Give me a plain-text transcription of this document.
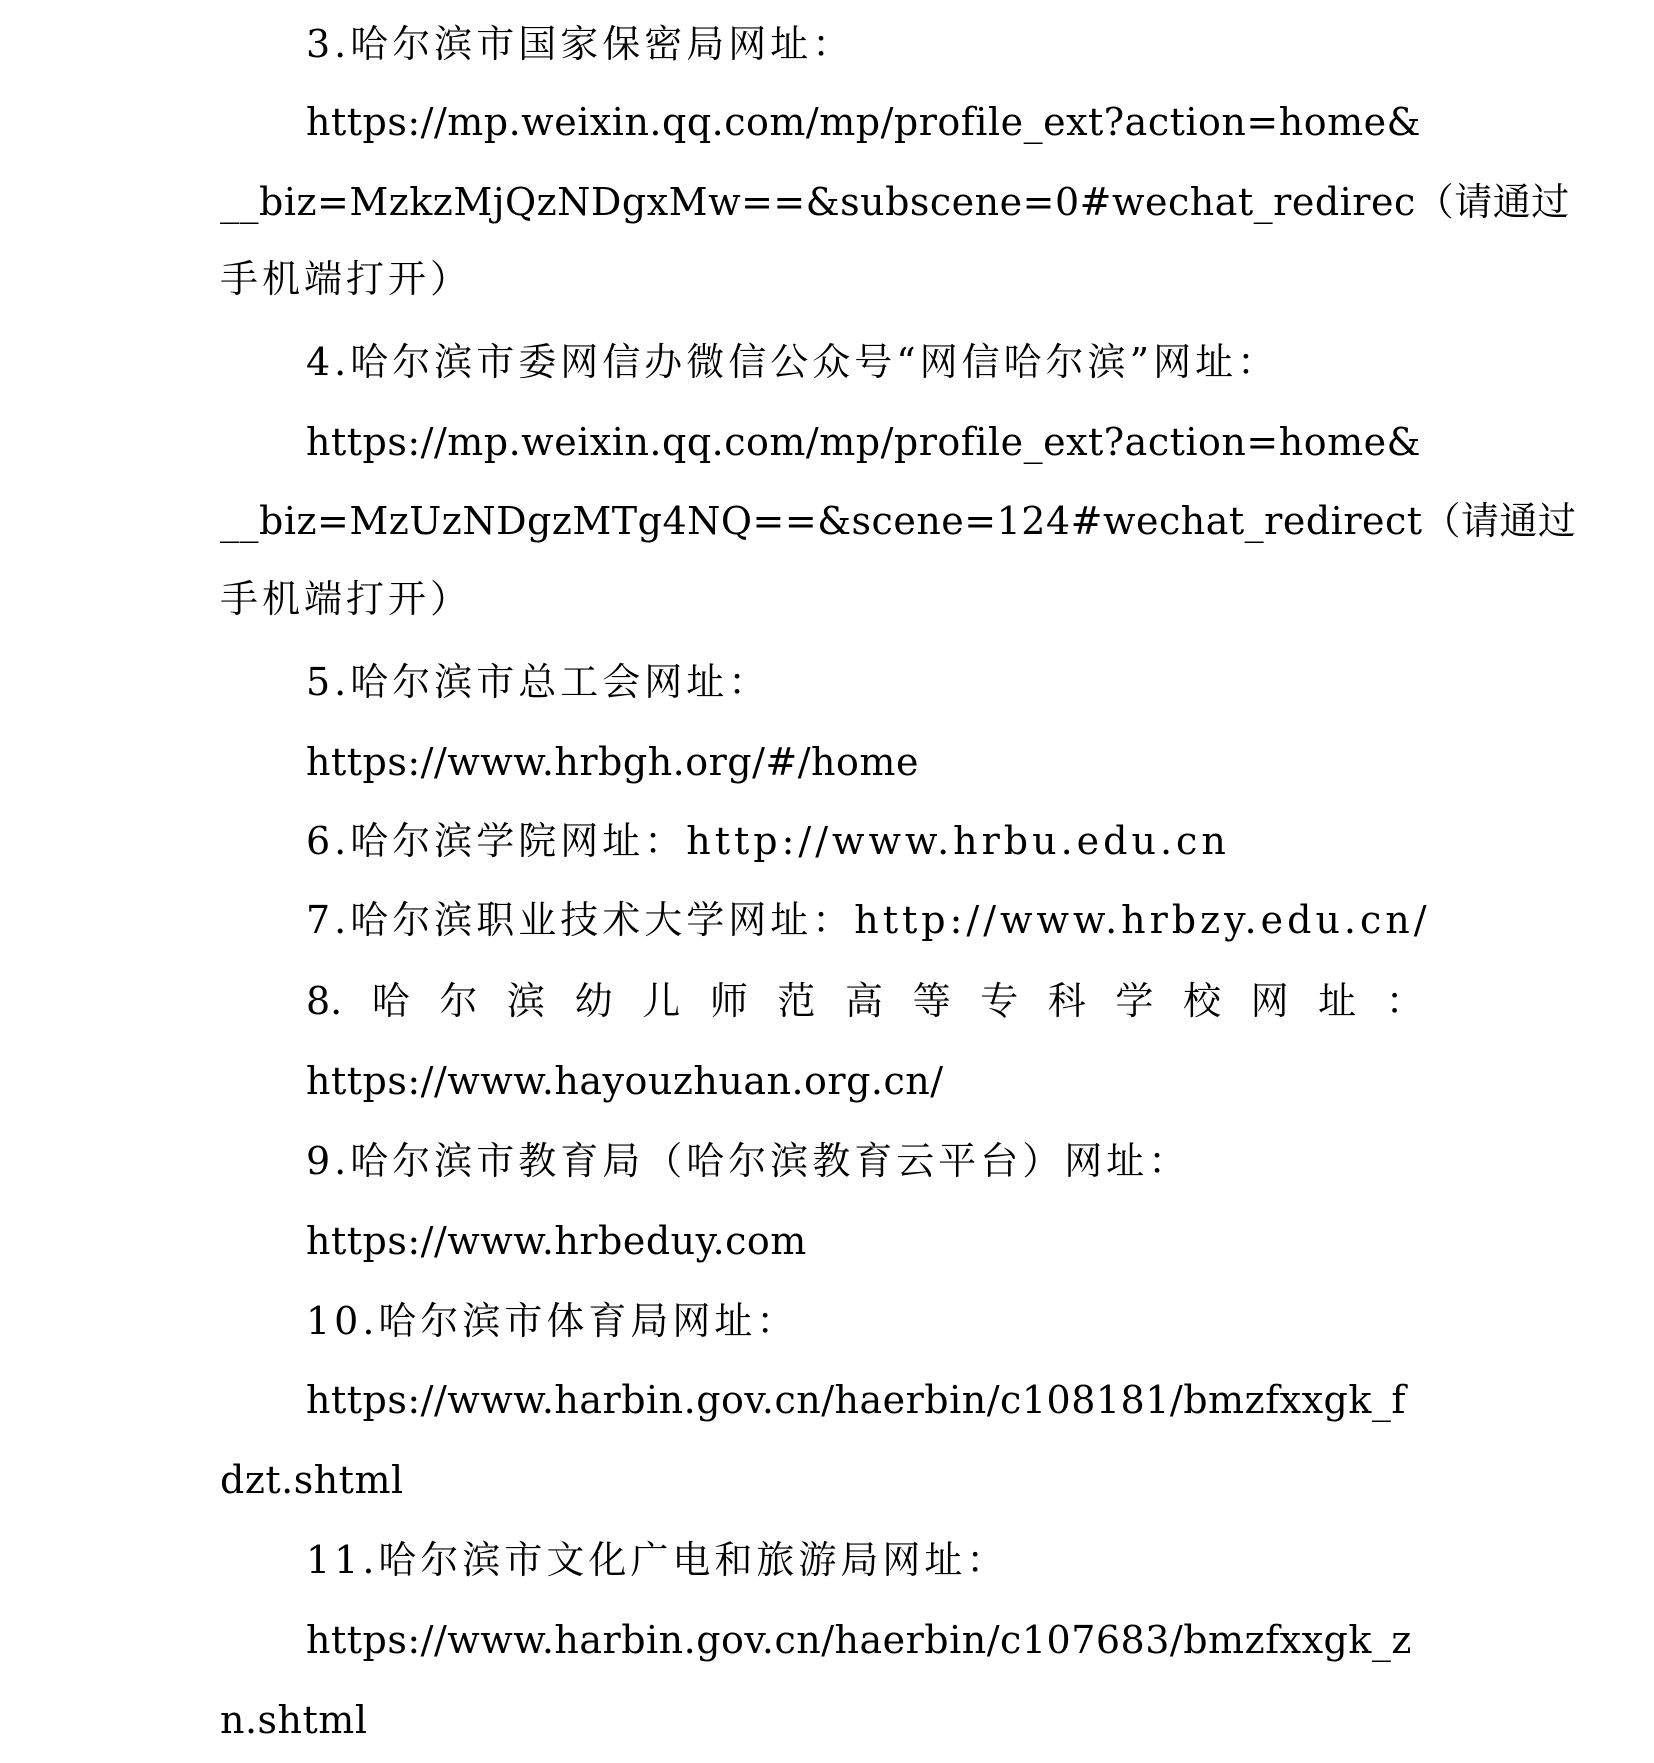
3.哈尔滨市国家保密局网址：
https://mp.weixin.qq.com/mp/profile_ext?action=home&
__biz=MzkzMjQzNDgxMw==&subscene=0#wechat_redirec（请通过
手机端打开）
4.哈尔滨市委网信办微信公众号“网信哈尔滨”网址：
https://mp.weixin.qq.com/mp/profile_ext?action=home&
__biz=MzUzNDgzMTg4NQ==&scene=124#wechat_redirect（请通过
手机端打开）
5.哈尔滨市总工会网址：
https://www.hrbgh.org/#/home
6.哈尔滨学院网址：http://www.hrbu.edu.cn
7.哈尔滨职业技术大学网址：http://www.hrbzy.edu.cn/
8. 哈 尔 滨 幼 儿 师 范 高 等 专 科 学 校 网 址 ：
https://www.hayouzhuan.org.cn/
9.哈尔滨市教育局（哈尔滨教育云平台）网址：
https://www.hrbeduy.com
10.哈尔滨市体育局网址：
https://www.harbin.gov.cn/haerbin/c108181/bmzfxxgk_f
dzt.shtml
11.哈尔滨市文化广电和旅游局网址：
https://www.harbin.gov.cn/haerbin/c107683/bmzfxxgk_z
n.shtml
